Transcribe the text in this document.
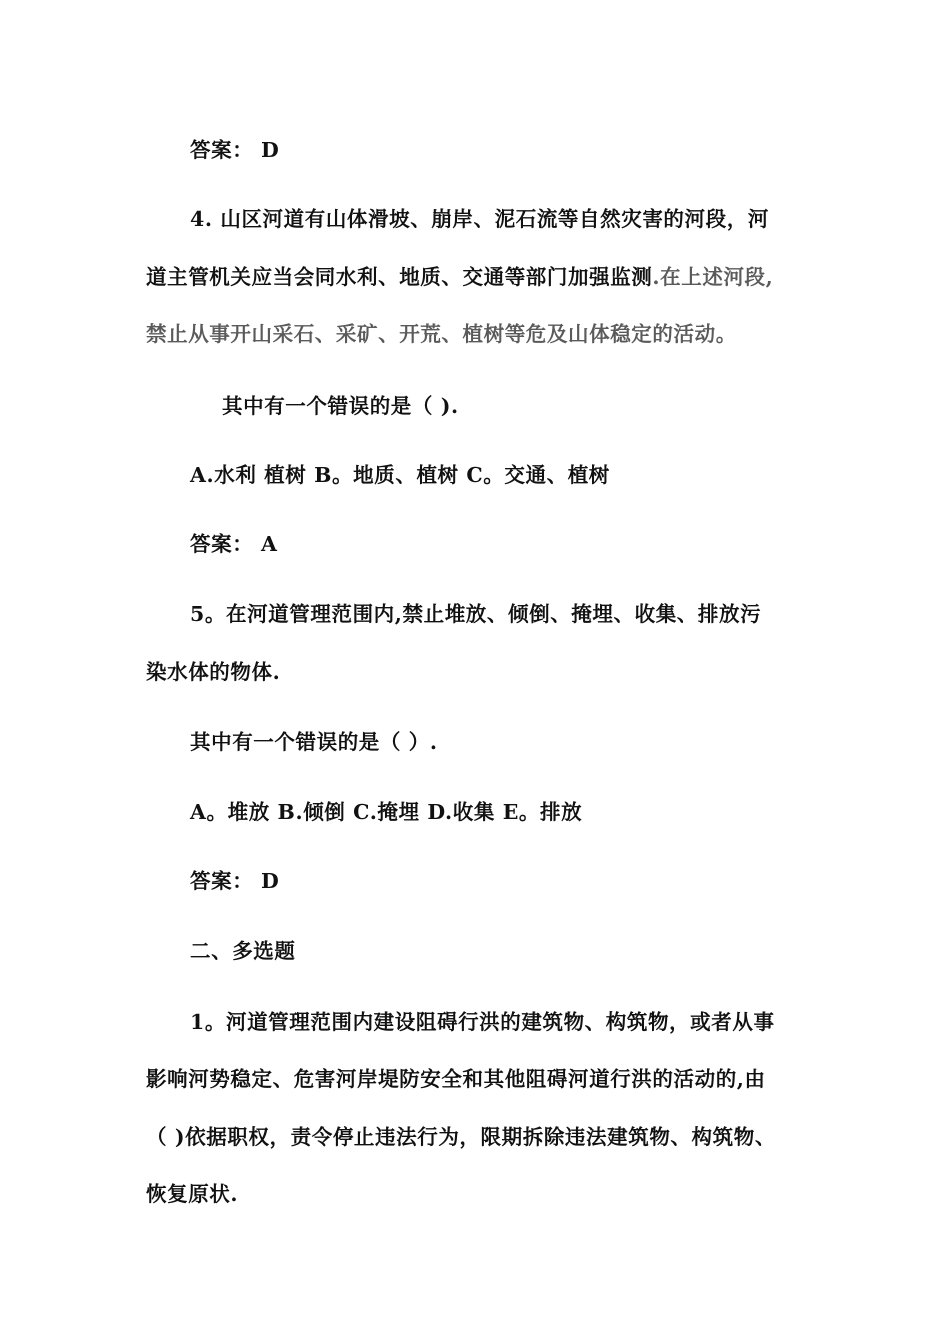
答案： D
4. 山区河道有山体滑坡、崩岸、泥石流等自然灾害的河段，河
道主管机关应当会同水利、地质、交通等部门加强监测.在上述河段,
禁止从事开山采石、采矿、开荒、植树等危及山体稳定的活动。
其中有一个错误的是（ ).
A.水利 植树 B。地质、植树 C。交通、植树
答案： A
5。在河道管理范围内,禁止堆放、倾倒、掩埋、收集、排放污
染水体的物体.
其中有一个错误的是（ ）.
A。堆放 B.倾倒 C.掩埋 D.收集 E。排放
答案： D
二、多选题
1。河道管理范围内建设阻碍行洪的建筑物、构筑物，或者从事
影响河势稳定、危害河岸堤防安全和其他阻碍河道行洪的活动的,由
（ )依据职权，责令停止违法行为，限期拆除违法建筑物、构筑物、
恢复原状.
